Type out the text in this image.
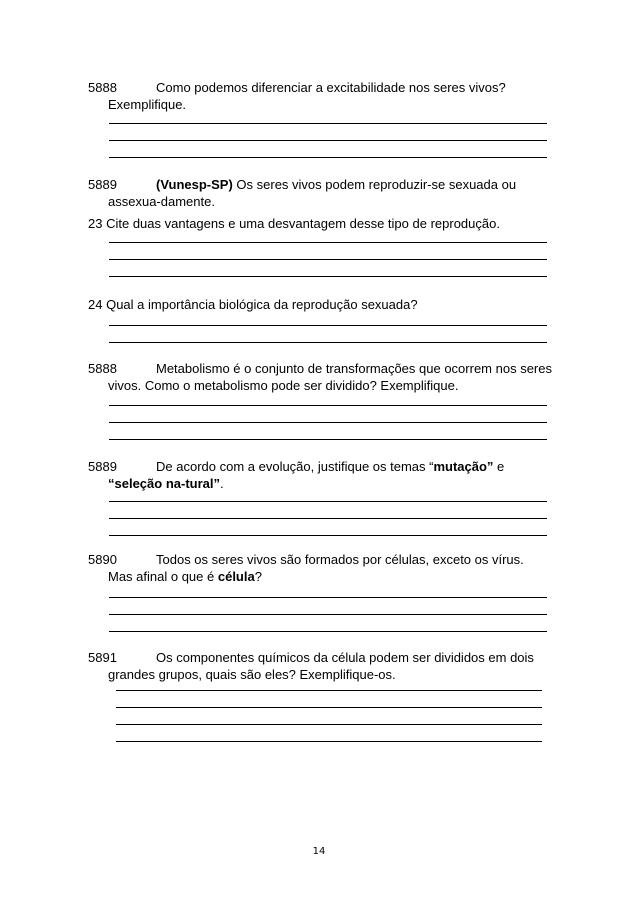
5888	Como podemos diferenciar a excitabilidade nos seres vivos?
Exemplifique.
5889	(Vunesp-SP) Os seres vivos podem reproduzir-se sexuada ou
assexua-damente.
23 Cite duas vantagens e uma desvantagem desse tipo de reprodução.
24 Qual a importância biológica da reprodução sexuada?
5888	Metabolismo é o conjunto de transformações que ocorrem nos seres
vivos. Como o metabolismo pode ser dividido? Exemplifique.
5889	De acordo com a evolução, justifique os temas “mutação” e
“seleção na-tural”.
5890	Todos os seres vivos são formados por células, exceto os vírus.
Mas afinal o que é célula?
5891	Os componentes químicos da célula podem ser divididos em dois
grandes grupos, quais são eles? Exemplifique-os.
14
